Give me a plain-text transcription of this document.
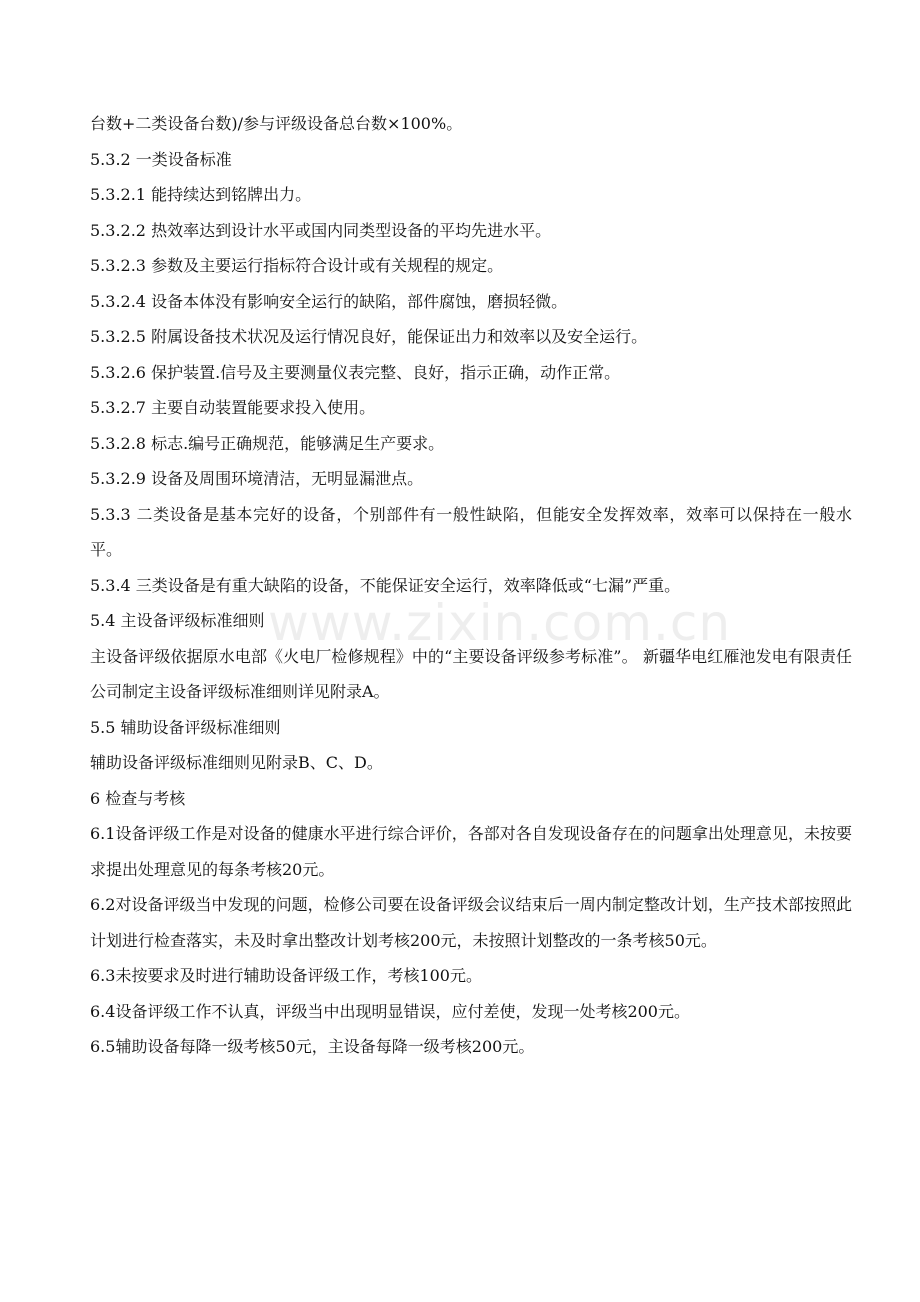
www.zixin.com.cn

台数+二类设备台数)/参与评级设备总台数×100%。

5.3.2 一类设备标准

5.3.2.1 能持续达到铭牌出力。

5.3.2.2 热效率达到设计水平或国内同类型设备的平均先进水平。

5.3.2.3 参数及主要运行指标符合设计或有关规程的规定。

5.3.2.4 设备本体没有影响安全运行的缺陷，部件腐蚀，磨损轻微。

5.3.2.5 附属设备技术状况及运行情况良好，能保证出力和效率以及安全运行。

5.3.2.6 保护装置.信号及主要测量仪表完整、良好，指示正确，动作正常。

5.3.2.7 主要自动装置能要求投入使用。

5.3.2.8 标志.编号正确规范，能够满足生产要求。

5.3.2.9 设备及周围环境清洁，无明显漏泄点。

5.3.3 二类设备是基本完好的设备，个别部件有一般性缺陷，但能安全发挥效率，效率可以保持在一般水平。

5.3.4 三类设备是有重大缺陷的设备，不能保证安全运行，效率降低或“七漏”严重。

5.4 主设备评级标准细则

主设备评级依据原水电部《火电厂检修规程》中的“主要设备评级参考标准”。 新疆华电红雁池发电有限责任公司制定主设备评级标准细则详见附录A。

5.5 辅助设备评级标准细则

辅助设备评级标准细则见附录B、C、D。

6 检查与考核

6.1设备评级工作是对设备的健康水平进行综合评价，各部对各自发现设备存在的问题拿出处理意见，未按要求提出处理意见的每条考核20元。

6.2对设备评级当中发现的问题，检修公司要在设备评级会议结束后一周内制定整改计划，生产技术部按照此计划进行检查落实，未及时拿出整改计划考核200元，未按照计划整改的一条考核50元。

6.3未按要求及时进行辅助设备评级工作，考核100元。

6.4设备评级工作不认真，评级当中出现明显错误，应付差使，发现一处考核200元。

6.5辅助设备每降一级考核50元，主设备每降一级考核200元。
